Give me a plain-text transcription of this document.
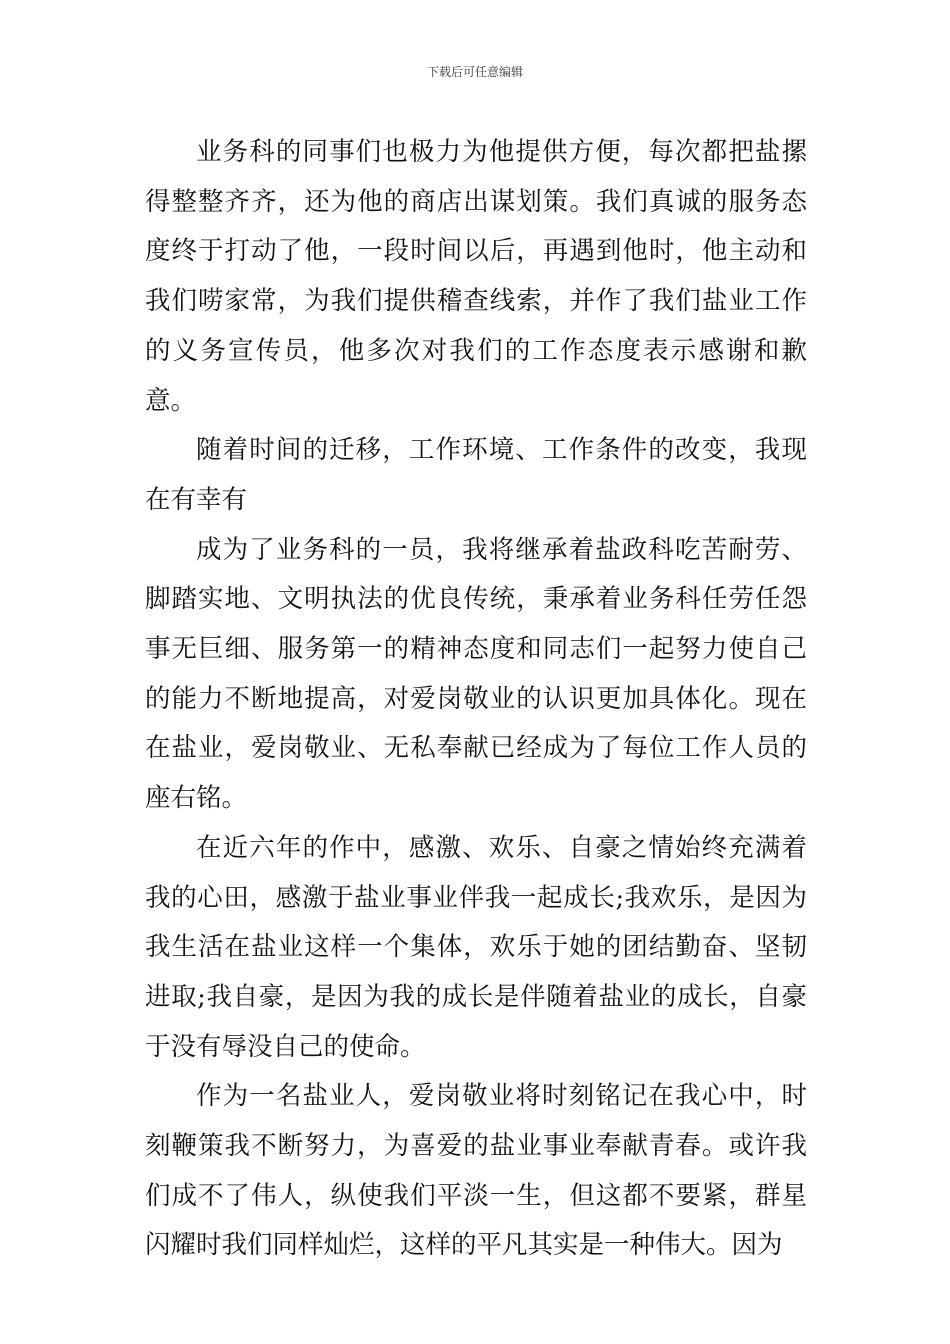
下载后可任意编辑

业务科的同事们也极力为他提供方便，每次都把盐摞得整整齐齐，还为他的商店出谋划策。我们真诚的服务态度终于打动了他，一段时间以后，再遇到他时，他主动和我们唠家常，为我们提供稽查线索，并作了我们盐业工作的义务宣传员，他多次对我们的工作态度表示感谢和歉意。

随着时间的迁移，工作环境、工作条件的改变，我现在有幸有

成为了业务科的一员，我将继承着盐政科吃苦耐劳、脚踏实地、文明执法的优良传统，秉承着业务科任劳任怨事无巨细、服务第一的精神态度和同志们一起努力使自己的能力不断地提高，对爱岗敬业的认识更加具体化。现在在盐业，爱岗敬业、无私奉献已经成为了每位工作人员的座右铭。

在近六年的作中，感激、欢乐、自豪之情始终充满着我的心田，感激于盐业事业伴我一起成长;我欢乐，是因为我生活在盐业这样一个集体，欢乐于她的团结勤奋、坚韧进取;我自豪，是因为我的成长是伴随着盐业的成长，自豪于没有辱没自己的使命。

作为一名盐业人，爱岗敬业将时刻铭记在我心中，时刻鞭策我不断努力，为喜爱的盐业事业奉献青春。或许我们成不了伟人，纵使我们平淡一生，但这都不要紧，群星闪耀时我们同样灿烂，这样的平凡其实是一种伟大。因为
